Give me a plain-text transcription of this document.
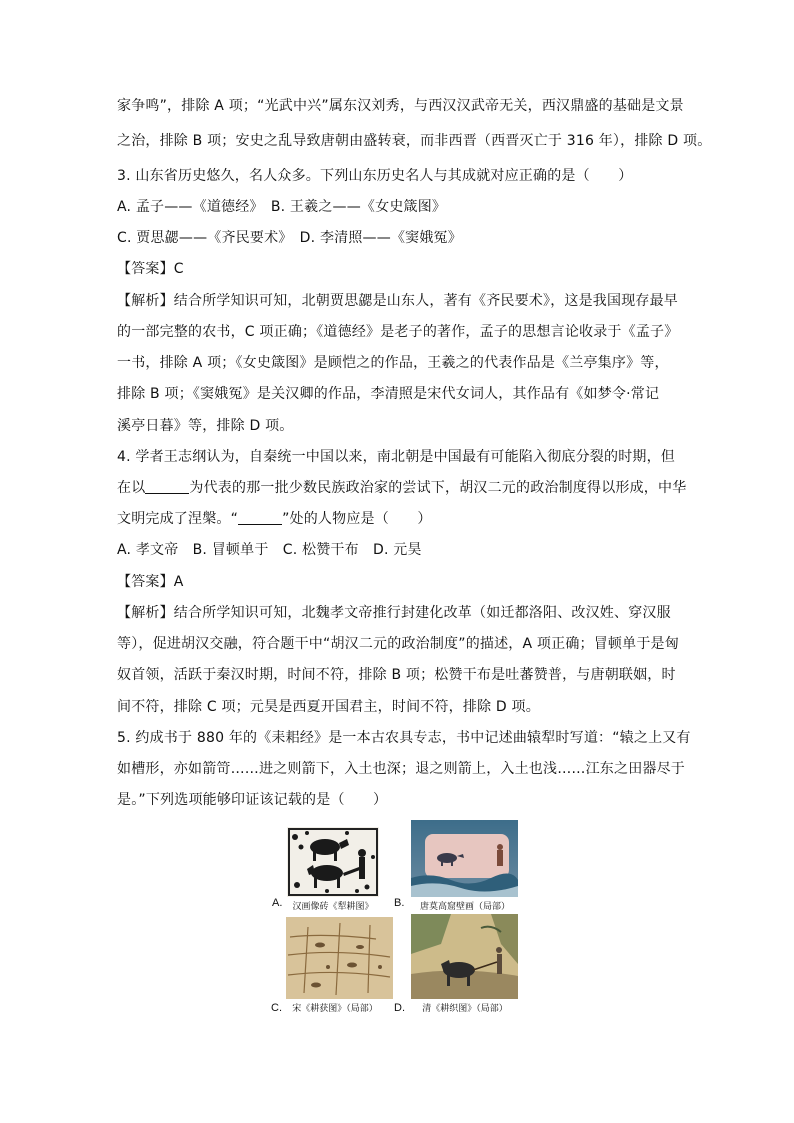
家争鸣”，排除 A 项；“光武中兴”属东汉刘秀，与西汉汉武帝无关，西汉鼎盛的基础是文景
之治，排除 B 项；安史之乱导致唐朝由盛转衰，而非西晋（西晋灭亡于 316 年），排除 D 项。
3. 山东省历史悠久，名人众多。下列山东历史名人与其成就对应正确的是（　　）
A. 孟子——《道德经》　B. 王羲之——《女史箴图》
C. 贾思勰——《齐民要术》　D. 李清照——《窦娥冤》
【答案】C
【解析】结合所学知识可知，北朝贾思勰是山东人，著有《齐民要术》，这是我国现存最早
的一部完整的农书，C 项正确；《道德经》是老子的著作，孟子的思想言论收录于《孟子》
一书，排除 A 项；《女史箴图》是顾恺之的作品，王羲之的代表作品是《兰亭集序》等，
排除 B 项；《窦娥冤》是关汉卿的作品，李清照是宋代女词人，其作品有《如梦令·常记
溪亭日暮》等，排除 D 项。
4. 学者王志纲认为，自秦统一中国以来，南北朝是中国最有可能陷入彻底分裂的时期，但
在以	为代表的那一批少数民族政治家的尝试下，胡汉二元的政治制度得以形成，中华
文明完成了涅槃。“	”处的人物应是（　　）
A. 孝文帝　B. 冒顿单于　C. 松赞干布　D. 元昊
【答案】A
【解析】结合所学知识可知，北魏孝文帝推行封建化改革（如迁都洛阳、改汉姓、穿汉服
等），促进胡汉交融，符合题干中“胡汉二元的政治制度”的描述，A 项正确；冒顿单于是匈
奴首领，活跃于秦汉时期，时间不符，排除 B 项；松赞干布是吐蕃赞普，与唐朝联姻，时
间不符，排除 C 项；元昊是西夏开国君主，时间不符，排除 D 项。
5. 约成书于 880 年的《耒耜经》是一本古农具专志，书中记述曲辕犁时写道：“辕之上又有
如槽形，亦如箭笴……进之则箭下，入土也深；退之则箭上，入土也浅……江东之田器尽于
是。”下列选项能够印证该记载的是（　　）
A.	汉画像砖《犁耕图》	B.	唐莫高窟壁画（局部）
C.	宋《耕获图》（局部）	D.	清《耕织图》（局部）
